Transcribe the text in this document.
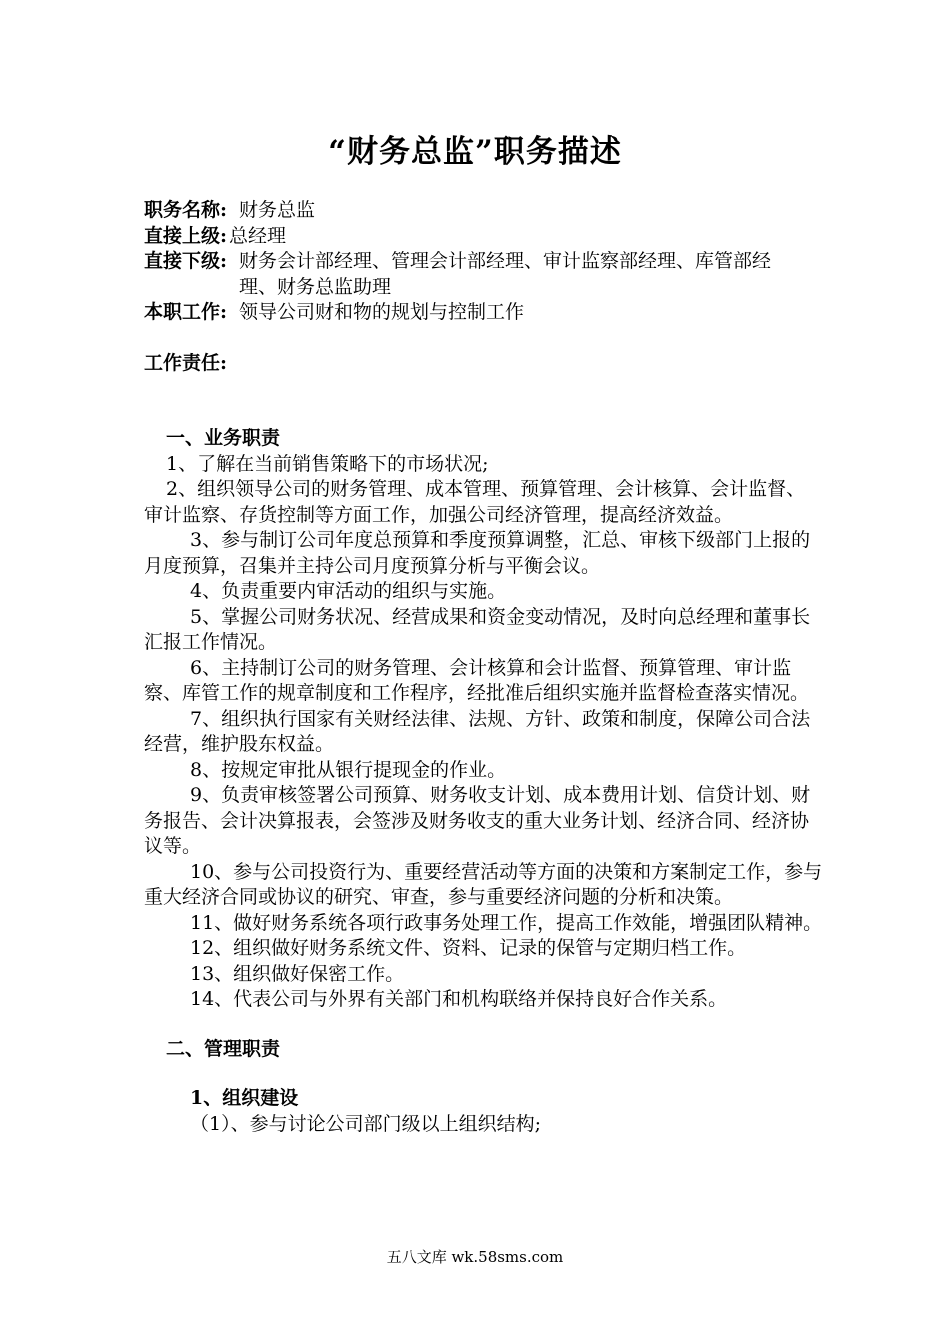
“财务总监”职务描述
职务名称: 财务总监
直接上级: 总经理
直接下级: 财务会计部经理、管理会计部经理、审计监察部经理、库管部经理、财务总监助理
本职工作: 领导公司财和物的规划与控制工作
工作责任:
一、业务职责
1、了解在当前销售策略下的市场状况;
2、组织领导公司的财务管理、成本管理、预算管理、会计核算、会计监督、审计监察、存货控制等方面工作，加强公司经济管理，提高经济效益。
3、参与制订公司年度总预算和季度预算调整，汇总、审核下级部门上报的月度预算，召集并主持公司月度预算分析与平衡会议。
4、负责重要内审活动的组织与实施。
5、掌握公司财务状况、经营成果和资金变动情况，及时向总经理和董事长汇报工作情况。
6、主持制订公司的财务管理、会计核算和会计监督、预算管理、审计监察、库管工作的规章制度和工作程序，经批准后组织实施并监督检查落实情况。
7、组织执行国家有关财经法律、法规、方针、政策和制度，保障公司合法经营，维护股东权益。
8、按规定审批从银行提现金的作业。
9、负责审核签署公司预算、财务收支计划、成本费用计划、信贷计划、财务报告、会计决算报表，会签涉及财务收支的重大业务计划、经济合同、经济协议等。
10、参与公司投资行为、重要经营活动等方面的决策和方案制定工作，参与重大经济合同或协议的研究、审查，参与重要经济问题的分析和决策。
11、做好财务系统各项行政事务处理工作，提高工作效能，增强团队精神。
12、组织做好财务系统文件、资料、记录的保管与定期归档工作。
13、组织做好保密工作。
14、代表公司与外界有关部门和机构联络并保持良好合作关系。
二、管理职责
1、组织建设
（1）、参与讨论公司部门级以上组织结构;
五八文库 wk.58sms.com
